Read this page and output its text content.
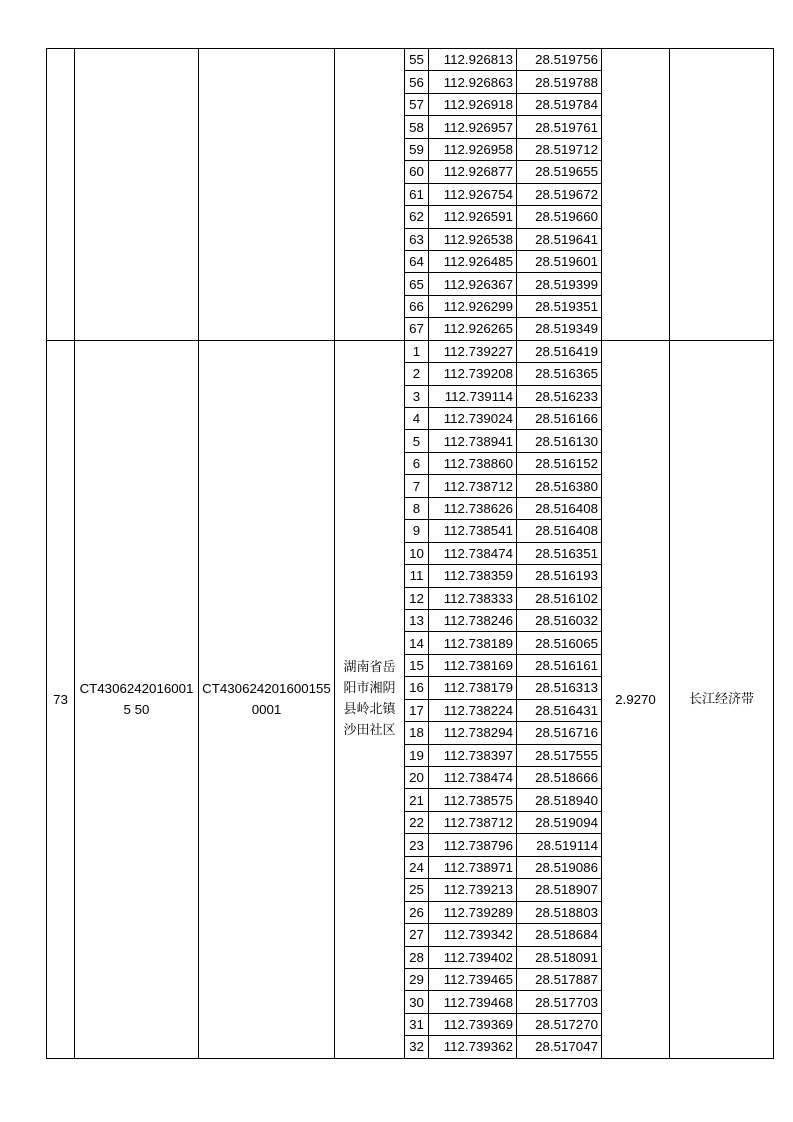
				55	112.926813	28.519756		
				56	112.926863	28.519788		
				57	112.926918	28.519784		
				58	112.926957	28.519761		
				59	112.926958	28.519712		
				60	112.926877	28.519655		
				61	112.926754	28.519672		
				62	112.926591	28.519660		
				63	112.926538	28.519641		
				64	112.926485	28.519601		
				65	112.926367	28.519399		
				66	112.926299	28.519351		
				67	112.926265	28.519349		
73	CT43062420160015 50	CT430624201600155 0001	湖南省岳阳市湘阴县岭北镇沙田社区	1	112.739227	28.516419	2.9270	长江经济带
				2	112.739208	28.516365		
				3	112.739114	28.516233		
				4	112.739024	28.516166		
				5	112.738941	28.516130		
				6	112.738860	28.516152		
				7	112.738712	28.516380		
				8	112.738626	28.516408		
				9	112.738541	28.516408		
				10	112.738474	28.516351		
				11	112.738359	28.516193		
				12	112.738333	28.516102		
				13	112.738246	28.516032		
				14	112.738189	28.516065		
				15	112.738169	28.516161		
				16	112.738179	28.516313		
				17	112.738224	28.516431		
				18	112.738294	28.516716		
				19	112.738397	28.517555		
				20	112.738474	28.518666		
				21	112.738575	28.518940		
				22	112.738712	28.519094		
				23	112.738796	28.519114		
				24	112.738971	28.519086		
				25	112.739213	28.518907		
				26	112.739289	28.518803		
				27	112.739342	28.518684		
				28	112.739402	28.518091		
				29	112.739465	28.517887		
				30	112.739468	28.517703		
				31	112.739369	28.517270		
				32	112.739362	28.517047		
